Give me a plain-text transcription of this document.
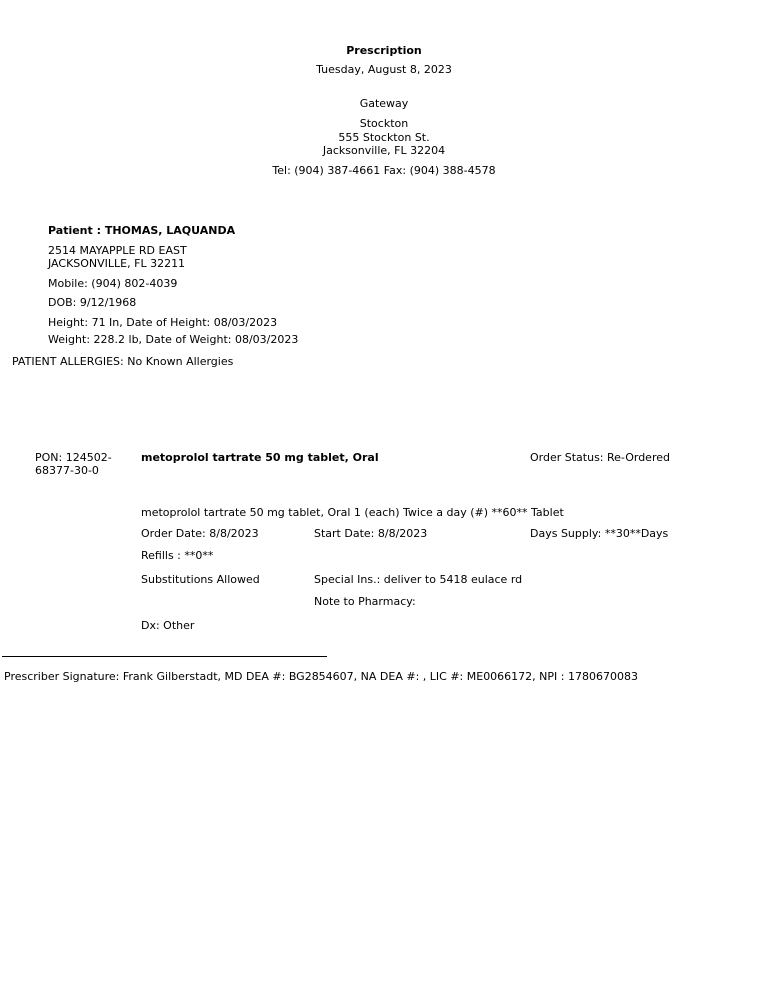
Prescription
Tuesday, August 8, 2023
Gateway
Stockton
555 Stockton St.
Jacksonville, FL 32204
Tel: (904) 387-4661 Fax: (904) 388-4578
Patient : THOMAS, LAQUANDA
2514 MAYAPPLE RD EAST
JACKSONVILLE, FL 32211
Mobile: (904) 802-4039
DOB: 9/12/1968
Height: 71 In, Date of Height: 08/03/2023
Weight: 228.2 lb, Date of Weight: 08/03/2023
PATIENT ALLERGIES: No Known Allergies
PON: 124502-
68377-30-0
metoprolol tartrate 50 mg tablet, Oral	Order Status: Re-Ordered
metoprolol tartrate 50 mg tablet, Oral 1 (each) Twice a day (#) **60** Tablet
Order Date: 8/8/2023	Start Date: 8/8/2023	Days Supply: **30**Days
Refills : **0**
Substitutions Allowed	Special Ins.: deliver to 5418 eulace rd
Note to Pharmacy:
Dx: Other
Prescriber Signature: Frank Gilberstadt, MD DEA #: BG2854607, NA DEA #: , LIC #: ME0066172, NPI : 1780670083
